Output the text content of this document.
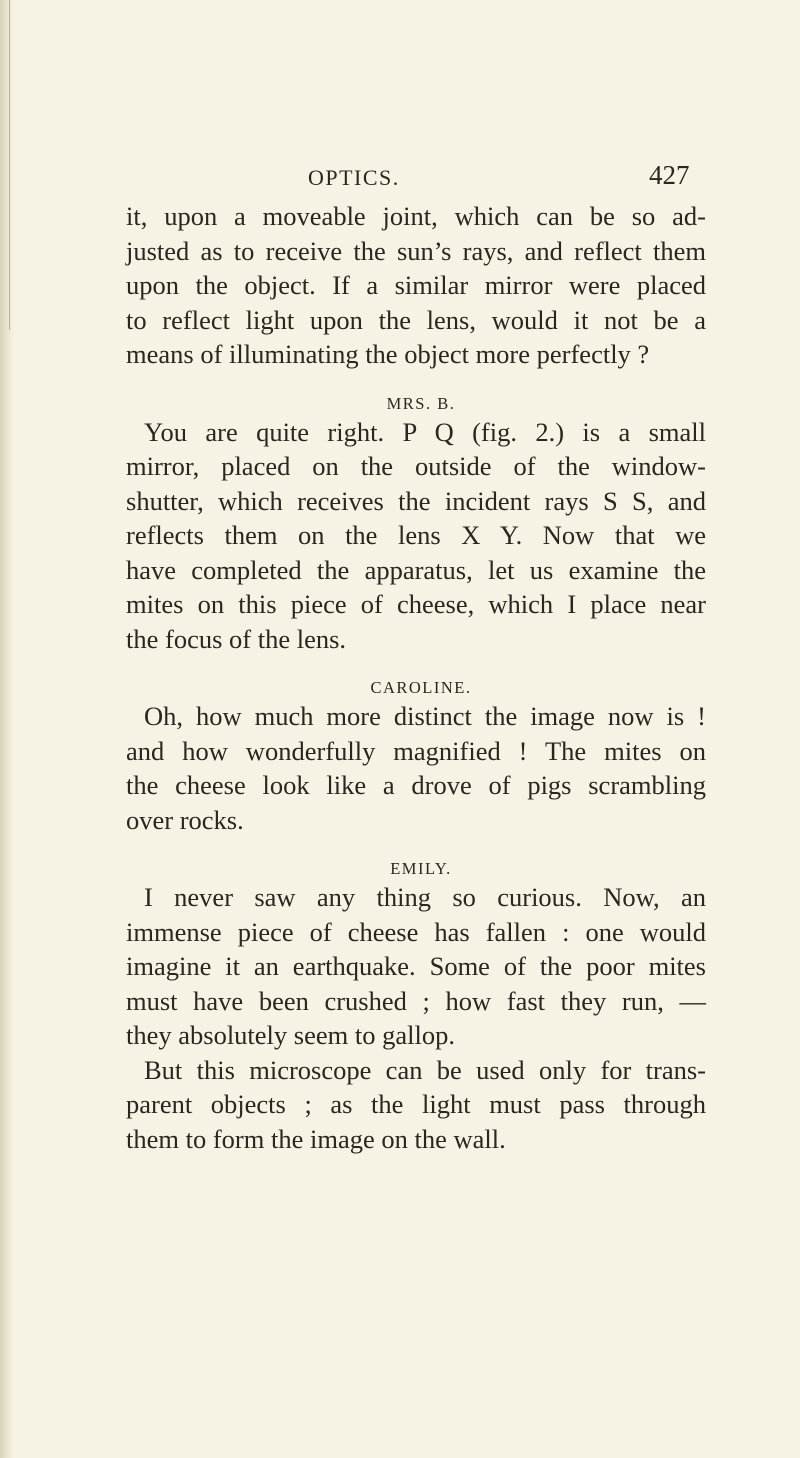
OPTICS.	427
it, upon a moveable joint, which can be so ad-
justed as to receive the sun’s rays, and reflect them
upon the object. If a similar mirror were placed
to reflect light upon the lens, would it not be a
means of illuminating the object more perfectly ?
MRS. B.
You are quite right. P Q (fig. 2.) is a small
mirror, placed on the outside of the window-
shutter, which receives the incident rays S S, and
reflects them on the lens X Y. Now that we
have completed the apparatus, let us examine the
mites on this piece of cheese, which I place near
the focus of the lens.
CAROLINE.
Oh, how much more distinct the image now is !
and how wonderfully magnified ! The mites on
the cheese look like a drove of pigs scrambling
over rocks.
EMILY.
I never saw any thing so curious. Now, an
immense piece of cheese has fallen : one would
imagine it an earthquake. Some of the poor mites
must have been crushed ; how fast they run, —
they absolutely seem to gallop.
But this microscope can be used only for trans-
parent objects ; as the light must pass through
them to form the image on the wall.
